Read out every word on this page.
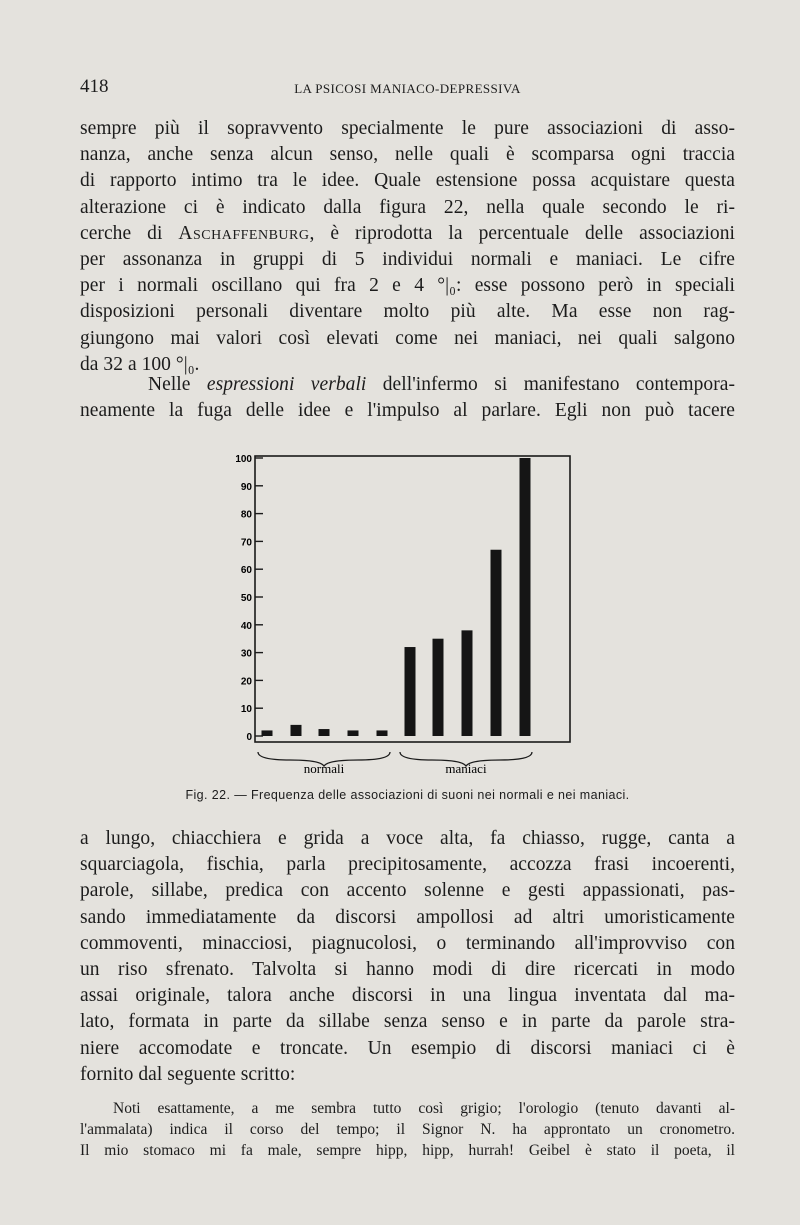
418	LA PSICOSI MANIACO-DEPRESSIVA
sempre più il sopravvento specialmente le pure associazioni di asso-
nanza, anche senza alcun senso, nelle quali è scomparsa ogni traccia
di rapporto intimo tra le idee. Quale estensione possa acquistare questa
alterazione ci è indicato dalla figura 22, nella quale secondo le ri-
cerche di Aschaffenburg, è riprodotta la percentuale delle associazioni
per assonanza in gruppi di 5 individui normali e maniaci. Le cifre
per i normali oscillano qui fra 2 e 4 °|₀: esse possono però in speciali
disposizioni personali diventare molto più alte. Ma esse non rag-
giungono mai valori così elevati come nei maniaci, nei quali salgono
da 32 a 100 °|₀.
Nelle espressioni verbali dell'infermo si manifestano contempora-
neamente la fuga delle idee e l'impulso al parlare. Egli non può tacere
0
10
20
30
40
50
60
70
80
90
100
normali	maniaci
Fig. 22. — Frequenza delle associazioni di suoni nei normali e nei maniaci.
a lungo, chiacchiera e grida a voce alta, fa chiasso, rugge, canta a
squarciagola, fischia, parla precipitosamente, accozza frasi incoerenti,
parole, sillabe, predica con accento solenne e gesti appassionati, pas-
sando immediatamente da discorsi ampollosi ad altri umoristicamente
commoventi, minacciosi, piagnucolosi, o terminando all'improvviso con
un riso sfrenato. Talvolta si hanno modi di dire ricercati in modo
assai originale, talora anche discorsi in una lingua inventata dal ma-
lato, formata in parte da sillabe senza senso e in parte da parole stra-
niere accomodate e troncate. Un esempio di discorsi maniaci ci è
fornito dal seguente scritto:
Noti esattamente, a me sembra tutto così grigio; l'orologio (tenuto davanti al-
l'ammalata) indica il corso del tempo; il Signor N. ha approntato un cronometro.
Il mio stomaco mi fa male, sempre hipp, hipp, hurrah! Geibel è stato il poeta, il
